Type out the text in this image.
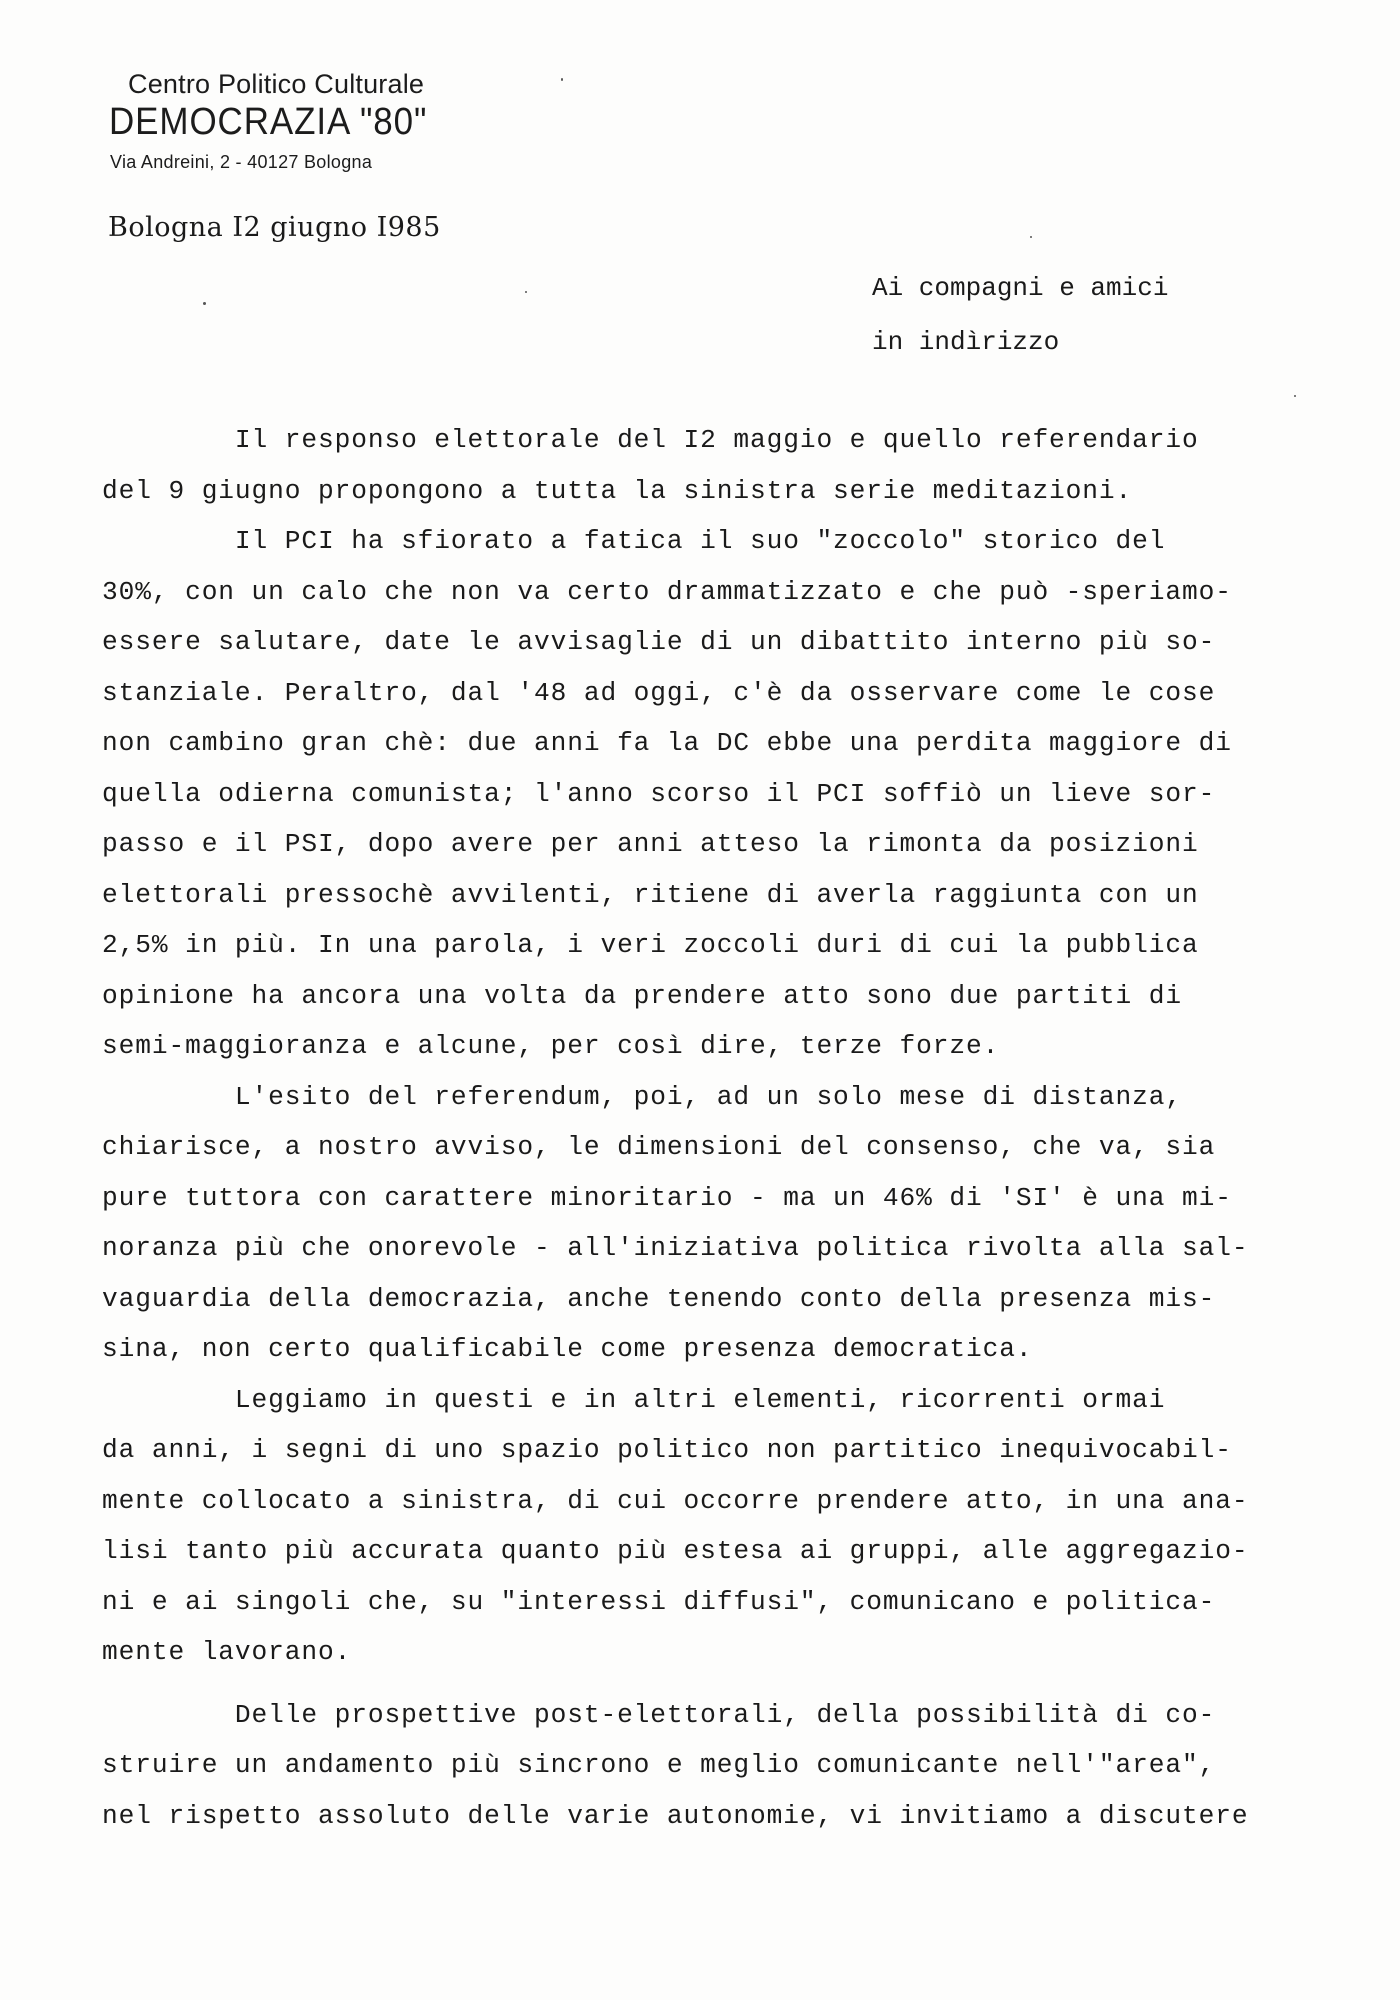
Centro Politico Culturale
DEMOCRAZIA "80"
Via Andreini, 2 - 40127 Bologna
Bologna I2 giugno I985
Ai compagni e amici
in indìrizzo
Il responso elettorale del I2 maggio e quello referendario
del 9 giugno propongono a tutta la sinistra serie meditazioni.
Il PCI ha sfiorato a fatica il suo "zoccolo" storico del
30%, con un calo che non va certo drammatizzato e che può -speriamo-
essere salutare, date le avvisaglie di un dibattito interno più so-
stanziale. Peraltro, dal '48 ad oggi, c'è da osservare come le cose
non cambino gran chè: due anni fa la DC ebbe una perdita maggiore di
quella odierna comunista; l'anno scorso il PCI soffiò un lieve sor-
passo e il PSI, dopo avere per anni atteso la rimonta da posizioni
elettorali pressochè avvilenti, ritiene di averla raggiunta con un
2,5% in più. In una parola, i veri zoccoli duri di cui la pubblica
opinione ha ancora una volta da prendere atto sono due partiti di
semi-maggioranza e alcune, per così dire, terze forze.
L'esito del referendum, poi, ad un solo mese di distanza,
chiarisce, a nostro avviso, le dimensioni del consenso, che va, sia
pure tuttora con carattere minoritario - ma un 46% di 'SI' è una mi-
noranza più che onorevole - all'iniziativa politica rivolta alla sal-
vaguardia della democrazia, anche tenendo conto della presenza mis-
sina, non certo qualificabile come presenza democratica.
Leggiamo in questi e in altri elementi, ricorrenti ormai
da anni, i segni di uno spazio politico non partitico inequivocabil-
mente collocato a sinistra, di cui occorre prendere atto, in una ana-
lisi tanto più accurata quanto più estesa ai gruppi, alle aggregazio-
ni e ai singoli che, su "interessi diffusi", comunicano e politica-
mente lavorano.
Delle prospettive post-elettorali, della possibilità di co-
struire un andamento più sincrono e meglio comunicante nell'"area",
nel rispetto assoluto delle varie autonomie, vi invitiamo a discutere
